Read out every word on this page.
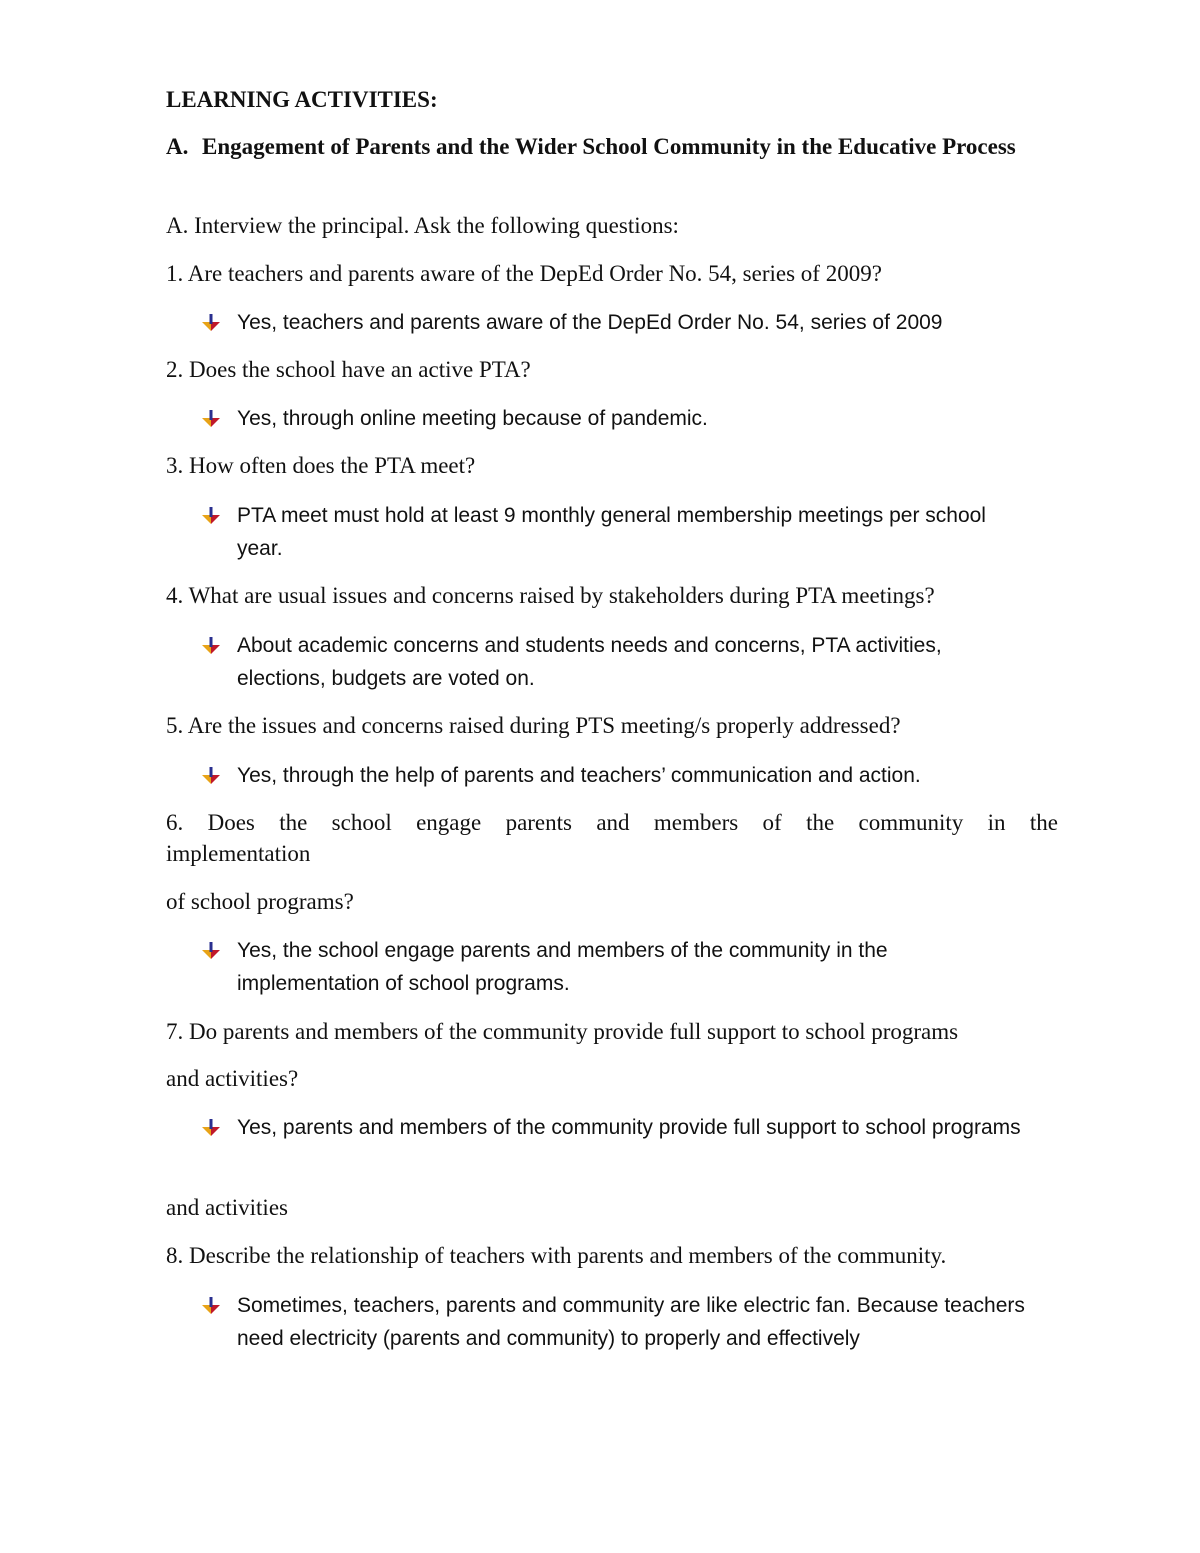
LEARNING ACTIVITIES:
A. Engagement of Parents and the Wider School Community in the Educative Process
A. Interview the principal. Ask the following questions:
1. Are teachers and parents aware of the DepEd Order No. 54, series of 2009?
Yes, teachers and parents aware of the DepEd Order No. 54, series of 2009
2. Does the school have an active PTA?
Yes, through online meeting because of pandemic.
3. How often does the PTA meet?
PTA meet must hold at least 9 monthly general membership meetings per school year.
4. What are usual issues and concerns raised by stakeholders during PTA meetings?
About academic concerns and students needs and concerns, PTA activities, elections, budgets are voted on.
5. Are the issues and concerns raised during PTS meeting/s properly addressed?
Yes, through the help of parents and teachers’ communication and action.
6. Does the school engage parents and members of the community in the
implementation
of school programs?
Yes, the school engage parents and members of the community in the implementation of school programs.
7. Do parents and members of the community provide full support to school programs
and activities?
Yes, parents and members of the community provide full support to school programs
and activities
8. Describe the relationship of teachers with parents and members of the community.
Sometimes, teachers, parents and community are like electric fan. Because teachers need electricity (parents and community) to properly and effectively
